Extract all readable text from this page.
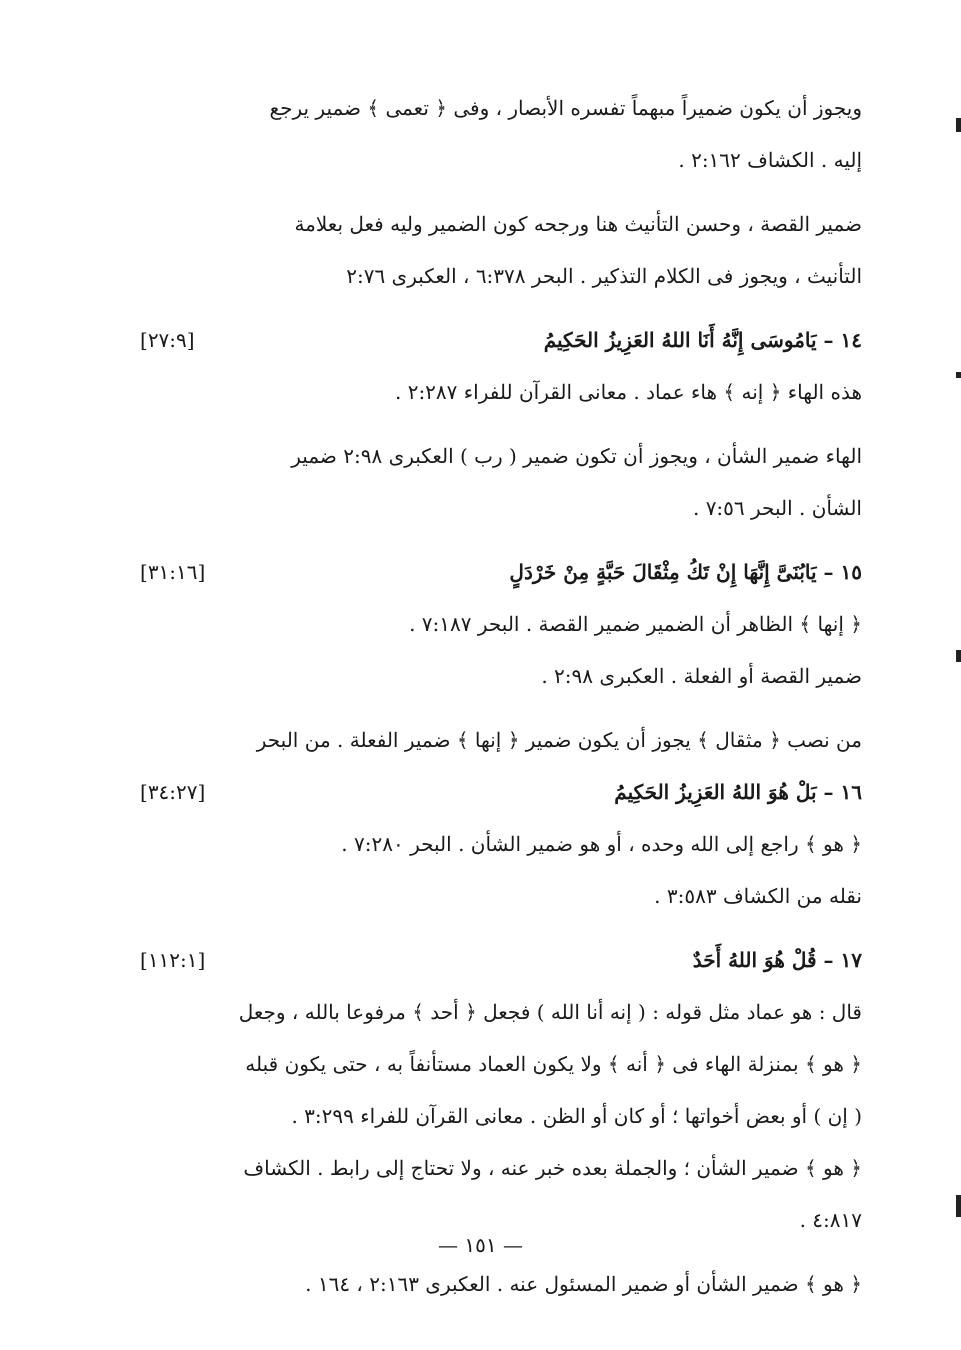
ويجوز أن يكون ضميراً مبهماً تفسره الأبصار ، وفى ﴿ تعمى ﴾ ضمير يرجع
إليه . الكشاف ٢:١٦٢ .
ضمير القصة ، وحسن التأنيث هنا ورجحه كون الضمير وليه فعل بعلامة
التأنيث ، ويجوز فى الكلام التذكير . البحر ٦:٣٧٨ ، العكبرى ٢:٧٦
١٤ – يَامُوسَى إِنَّهُ أَنَا اللهُ العَزِيزُ الحَكِيمُ
[٢٧:٩]
هذه الهاء ﴿ إنه ﴾ هاء عماد . معانى القرآن للفراء ٢:٢٨٧ .
الهاء ضمير الشأن ، ويجوز أن تكون ضمير ( رب ) العكبرى ٢:٩٨ ضمير
الشأن . البحر ٧:٥٦ .
١٥ – يَابُنَىَّ إِنَّهَا إِنْ تَكُ مِثْقَالَ حَبَّةٍ مِنْ خَرْدَلٍ
[٣١:١٦]
﴿ إنها ﴾ الظاهر أن الضمير ضمير القصة . البحر ٧:١٨٧ .
ضمير القصة أو الفعلة . العكبرى ٢:٩٨ .
من نصب ﴿ مثقال ﴾ يجوز أن يكون ضمير ﴿ إنها ﴾ ضمير الفعلة . من البحر
١٦ – بَلْ هُوَ اللهُ العَزِيزُ الحَكِيمُ
[٣٤:٢٧]
﴿ هو ﴾ راجع إلى الله وحده ، أو هو ضمير الشأن . البحر ٧:٢٨٠ .
نقله من الكشاف ٣:٥٨٣ .
١٧ – قُلْ هُوَ اللهُ أَحَدٌ
[١١٢:١]
قال : هو عماد مثل قوله : ( إنه أنا الله ) فجعل ﴿ أحد ﴾ مرفوعا بالله ، وجعل
﴿ هو ﴾ بمنزلة الهاء فى ﴿ أنه ﴾ ولا يكون العماد مستأنفاً به ، حتى يكون قبله
( إن ) أو بعض أخواتها ؛ أو كان أو الظن . معانى القرآن للفراء ٣:٢٩٩ .
﴿ هو ﴾ ضمير الشأن ؛ والجملة بعده خبر عنه ، ولا تحتاج إلى رابط . الكشاف
٤:٨١٧ .
﴿ هو ﴾ ضمير الشأن أو ضمير المسئول عنه . العكبرى ٢:١٦٣ ، ١٦٤ .
— ١٥١ —
